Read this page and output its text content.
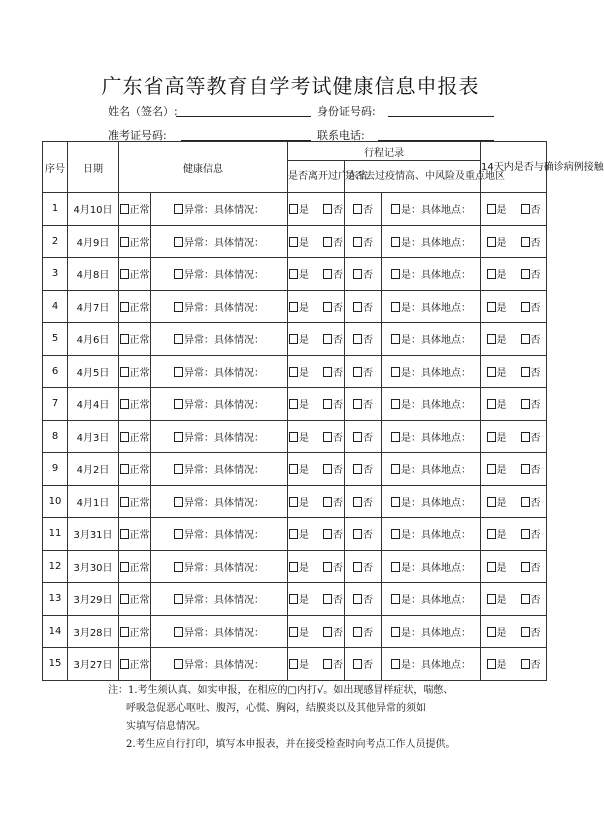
广东省高等教育自学考试健康信息申报表
姓名（签名）:	身份证号码:
准考证号码:	联系电话:
序号	日期	健康信息		行程记录			14天内是否与确诊病例接触
				是否离开过广东省	是否去过疫情高、中风险及重点地区		
1	4月10日	正常	异常：具体情况：	是 否	否	是：具体地点：	是 否
2	4月9日	正常	异常：具体情况：	是 否	否	是：具体地点：	是 否
3	4月8日	正常	异常：具体情况：	是 否	否	是：具体地点：	是 否
4	4月7日	正常	异常：具体情况：	是 否	否	是：具体地点：	是 否
5	4月6日	正常	异常：具体情况：	是 否	否	是：具体地点：	是 否
6	4月5日	正常	异常：具体情况：	是 否	否	是：具体地点：	是 否
7	4月4日	正常	异常：具体情况：	是 否	否	是：具体地点：	是 否
8	4月3日	正常	异常：具体情况：	是 否	否	是：具体地点：	是 否
9	4月2日	正常	异常：具体情况：	是 否	否	是：具体地点：	是 否
10	4月1日	正常	异常：具体情况：	是 否	否	是：具体地点：	是 否
11	3月31日	正常	异常：具体情况：	是 否	否	是：具体地点：	是 否
12	3月30日	正常	异常：具体情况：	是 否	否	是：具体地点：	是 否
13	3月29日	正常	异常：具体情况：	是 否	否	是：具体地点：	是 否
14	3月28日	正常	异常：具体情况：	是 否	否	是：具体地点：	是 否
15	3月27日	正常	异常：具体情况：	是 否	否	是：具体地点：	是 否
注：1.考生须认真、如实申报，在相应的□内打√。如出现感冒样症状，喘憋、
呼吸急促恶心呕吐、腹泻，心慌、胸闷，结膜炎以及其他异常的须如
实填写信息情况。
2.考生应自行打印，填写本申报表，并在接受检查时向考点工作人员提供。
